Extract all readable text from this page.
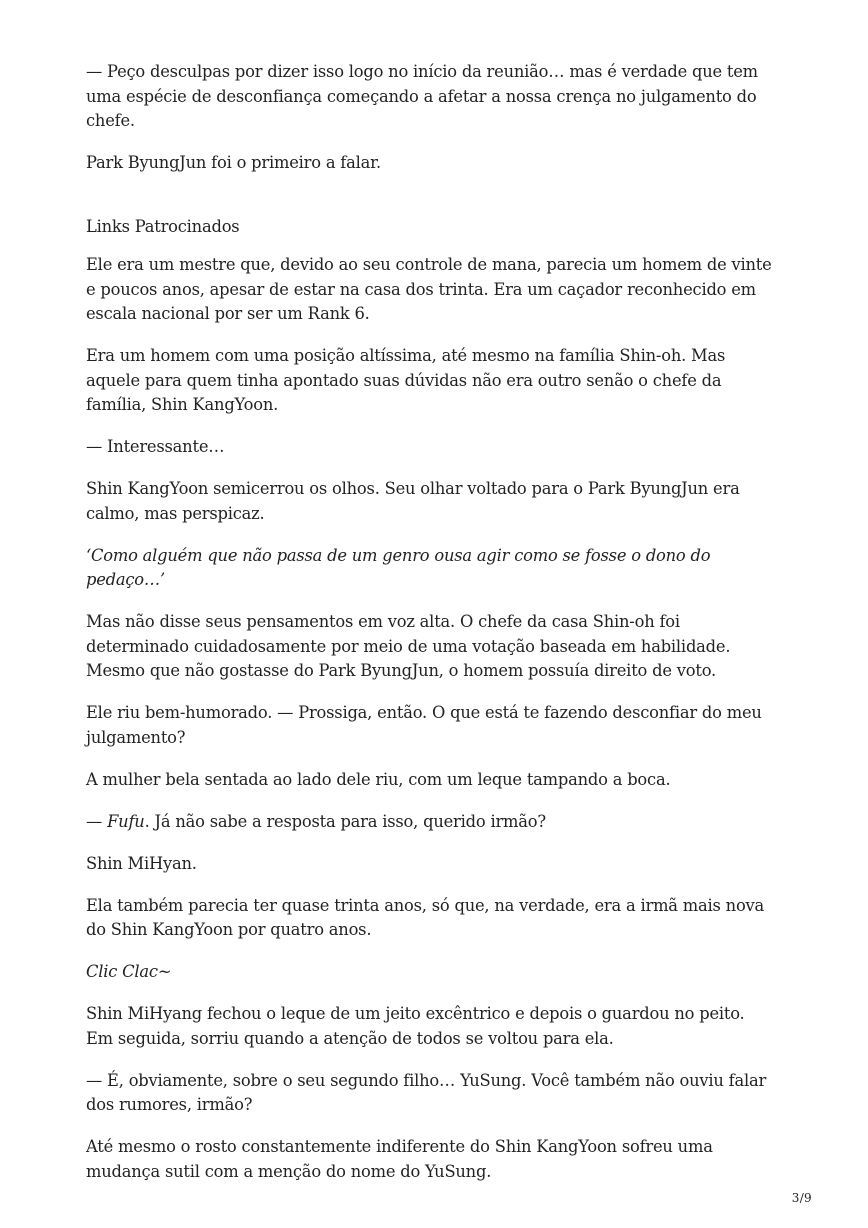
— Peço desculpas por dizer isso logo no início da reunião… mas é verdade que tem uma espécie de desconfiança começando a afetar a nossa crença no julgamento do chefe.

Park ByungJun foi o primeiro a falar.

Links Patrocinados

Ele era um mestre que, devido ao seu controle de mana, parecia um homem de vinte e poucos anos, apesar de estar na casa dos trinta. Era um caçador reconhecido em escala nacional por ser um Rank 6.

Era um homem com uma posição altíssima, até mesmo na família Shin-oh. Mas aquele para quem tinha apontado suas dúvidas não era outro senão o chefe da família, Shin KangYoon.

— Interessante…

Shin KangYoon semicerrou os olhos. Seu olhar voltado para o Park ByungJun era calmo, mas perspicaz.

‘Como alguém que não passa de um genro ousa agir como se fosse o dono do pedaço…’

Mas não disse seus pensamentos em voz alta. O chefe da casa Shin-oh foi determinado cuidadosamente por meio de uma votação baseada em habilidade. Mesmo que não gostasse do Park ByungJun, o homem possuía direito de voto.

Ele riu bem-humorado. — Prossiga, então. O que está te fazendo desconfiar do meu julgamento?

A mulher bela sentada ao lado dele riu, com um leque tampando a boca.

— Fufu. Já não sabe a resposta para isso, querido irmão?

Shin MiHyan.

Ela também parecia ter quase trinta anos, só que, na verdade, era a irmã mais nova do Shin KangYoon por quatro anos.

Clic Clac~

Shin MiHyang fechou o leque de um jeito excêntrico e depois o guardou no peito. Em seguida, sorriu quando a atenção de todos se voltou para ela.

— É, obviamente, sobre o seu segundo filho… YuSung. Você também não ouviu falar dos rumores, irmão?

Até mesmo o rosto constantemente indiferente do Shin KangYoon sofreu uma mudança sutil com a menção do nome do YuSung.

3/9
